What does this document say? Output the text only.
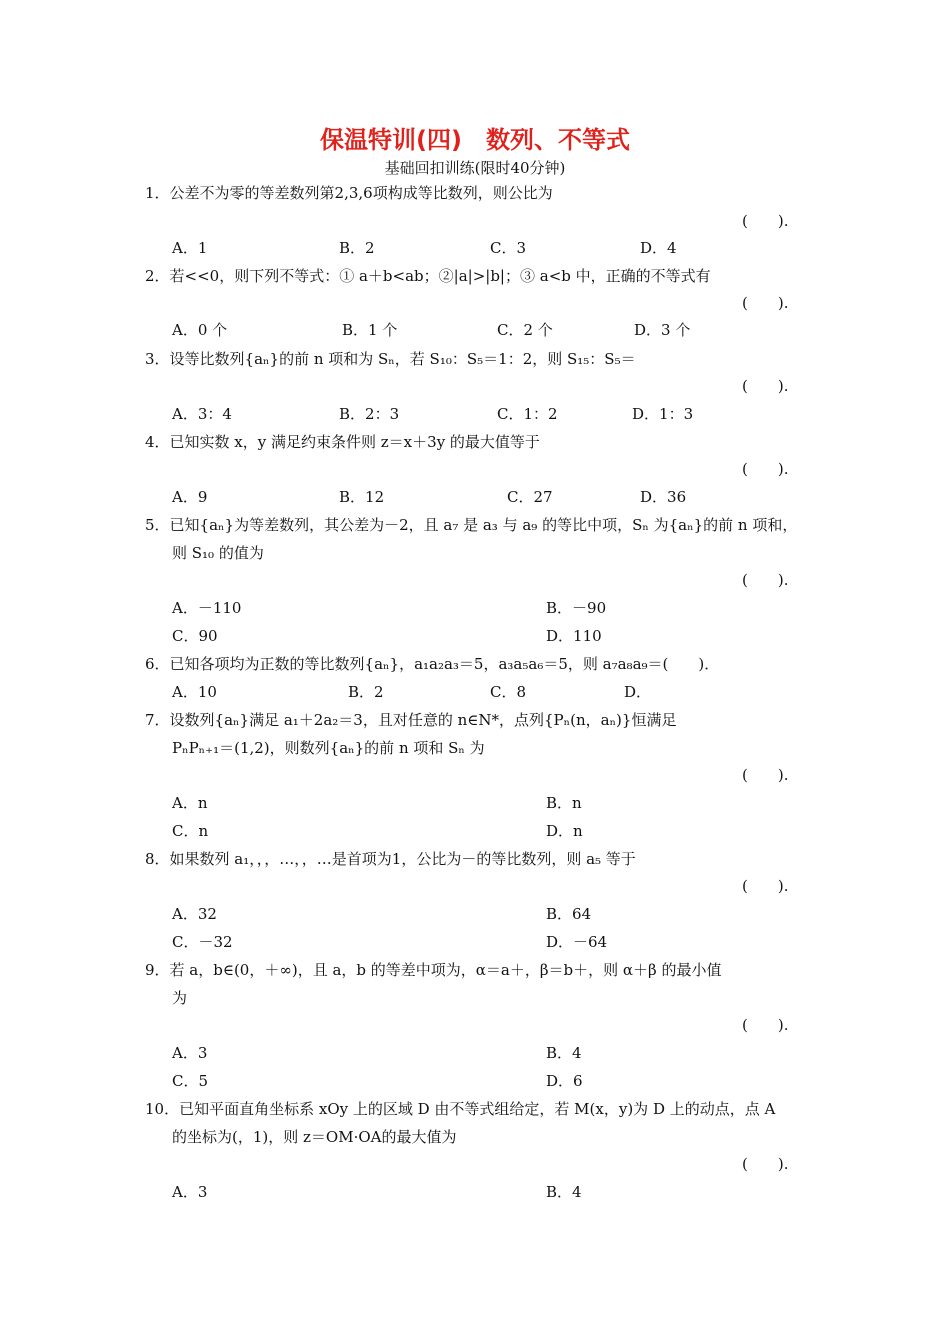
保温特训(四)　数列、不等式
基础回扣训练(限时40分钟)
1．公差不为零的等差数列第2,3,6项构成等比数列，则公比为
(　　).
A．1	B．2	C．3	D．4
2．若<<0，则下列不等式：① a＋b<ab；②|a|>|b|；③ a<b 中，正确的不等式有
(　　).
A．0 个	B．1 个	C．2 个	D．3 个
3．设等比数列{aₙ}的前 n 项和为 Sₙ，若 S₁₀：S₅＝1：2，则 S₁₅：S₅＝
(　　).
A．3：4	B．2：3	C．1：2	D．1：3
4．已知实数 x，y 满足约束条件则 z＝x＋3y 的最大值等于
(　　).
A．9	B．12	C．27	D．36
5．已知{aₙ}为等差数列，其公差为－2，且 a₇ 是 a₃ 与 a₉ 的等比中项，Sₙ 为{aₙ}的前 n 项和，
则 S₁₀ 的值为
(　　).
A．－110	B．－90
C．90	D．110
6．已知各项均为正数的等比数列{aₙ}，a₁a₂a₃＝5，a₃a₅a₆＝5，则 a₇a₈a₉＝(　　)．
A．10	B．2	C．8	D．
7．设数列{aₙ}满足 a₁＋2a₂＝3，且对任意的 n∈N*，点列{Pₙ(n，aₙ)}恒满足
PₙPₙ₊₁＝(1,2)，则数列{aₙ}的前 n 项和 Sₙ 为
(　　).
A．n	B．n
C．n	D．n
8．如果数列 a₁，，，…，，…是首项为1，公比为－的等比数列，则 a₅ 等于
(　　).
A．32	B．64
C．－32	D．－64
9．若 a，b∈(0，＋∞)，且 a，b 的等差中项为，α＝a＋，β＝b＋，则 α＋β 的最小值
为
(　　).
A．3	B．4
C．5	D．6
10．已知平面直角坐标系 xOy 上的区域 D 由不等式组给定，若 M(x，y)为 D 上的动点，点 A
的坐标为(，1)，则 z＝OM·OA的最大值为
(　　).
A．3	B．4
